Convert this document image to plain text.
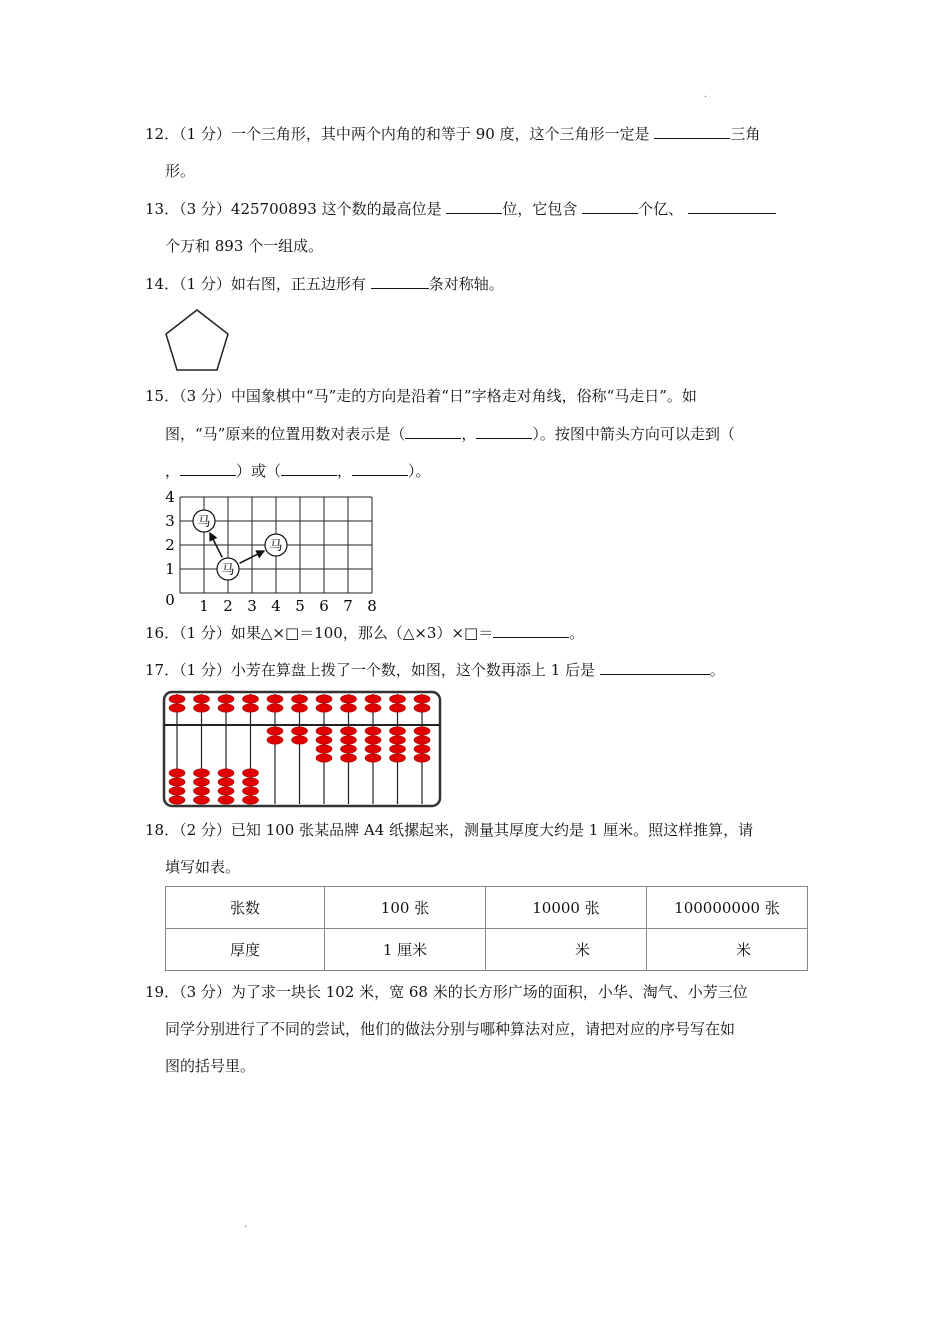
·
12．（1 分）一个三角形，其中两个内角的和等于 90 度，这个三角形一定是	三角
形。
13．（3 分）425700893 这个数的最高位是	位，它包含	个亿、
个万和 893 个一组成。
14．（1 分）如右图，正五边形有	条对称轴。
15．（3 分）中国象棋中“马”走的方向是沿着“日”字格走对角线，俗称“马走日”。如
图，“马”原来的位置用数对表示是（	，	）。按图中箭头方向可以走到（
，	）或（	，	）。
1 2 3 4 5 6 7 8
0
1
2
3
4
马
马
马
16．（1 分）如果△×□＝100，那么（△×3）×□＝	。
17．（1 分）小芳在算盘上拨了一个数，如图，这个数再添上 1 后是	。
18．（2 分）已知 100 张某品牌 A4 纸摞起来，测量其厚度大约是 1 厘米。照这样推算，请
填写如表。
张数	100 张	10000 张	100000000 张
厚度	1 厘米	米	米
19．（3 分）为了求一块长 102 米，宽 68 米的长方形广场的面积，小华、淘气、小芳三位
同学分别进行了不同的尝试，他们的做法分别与哪种算法对应，请把对应的序号写在如
图的括号里。
·
